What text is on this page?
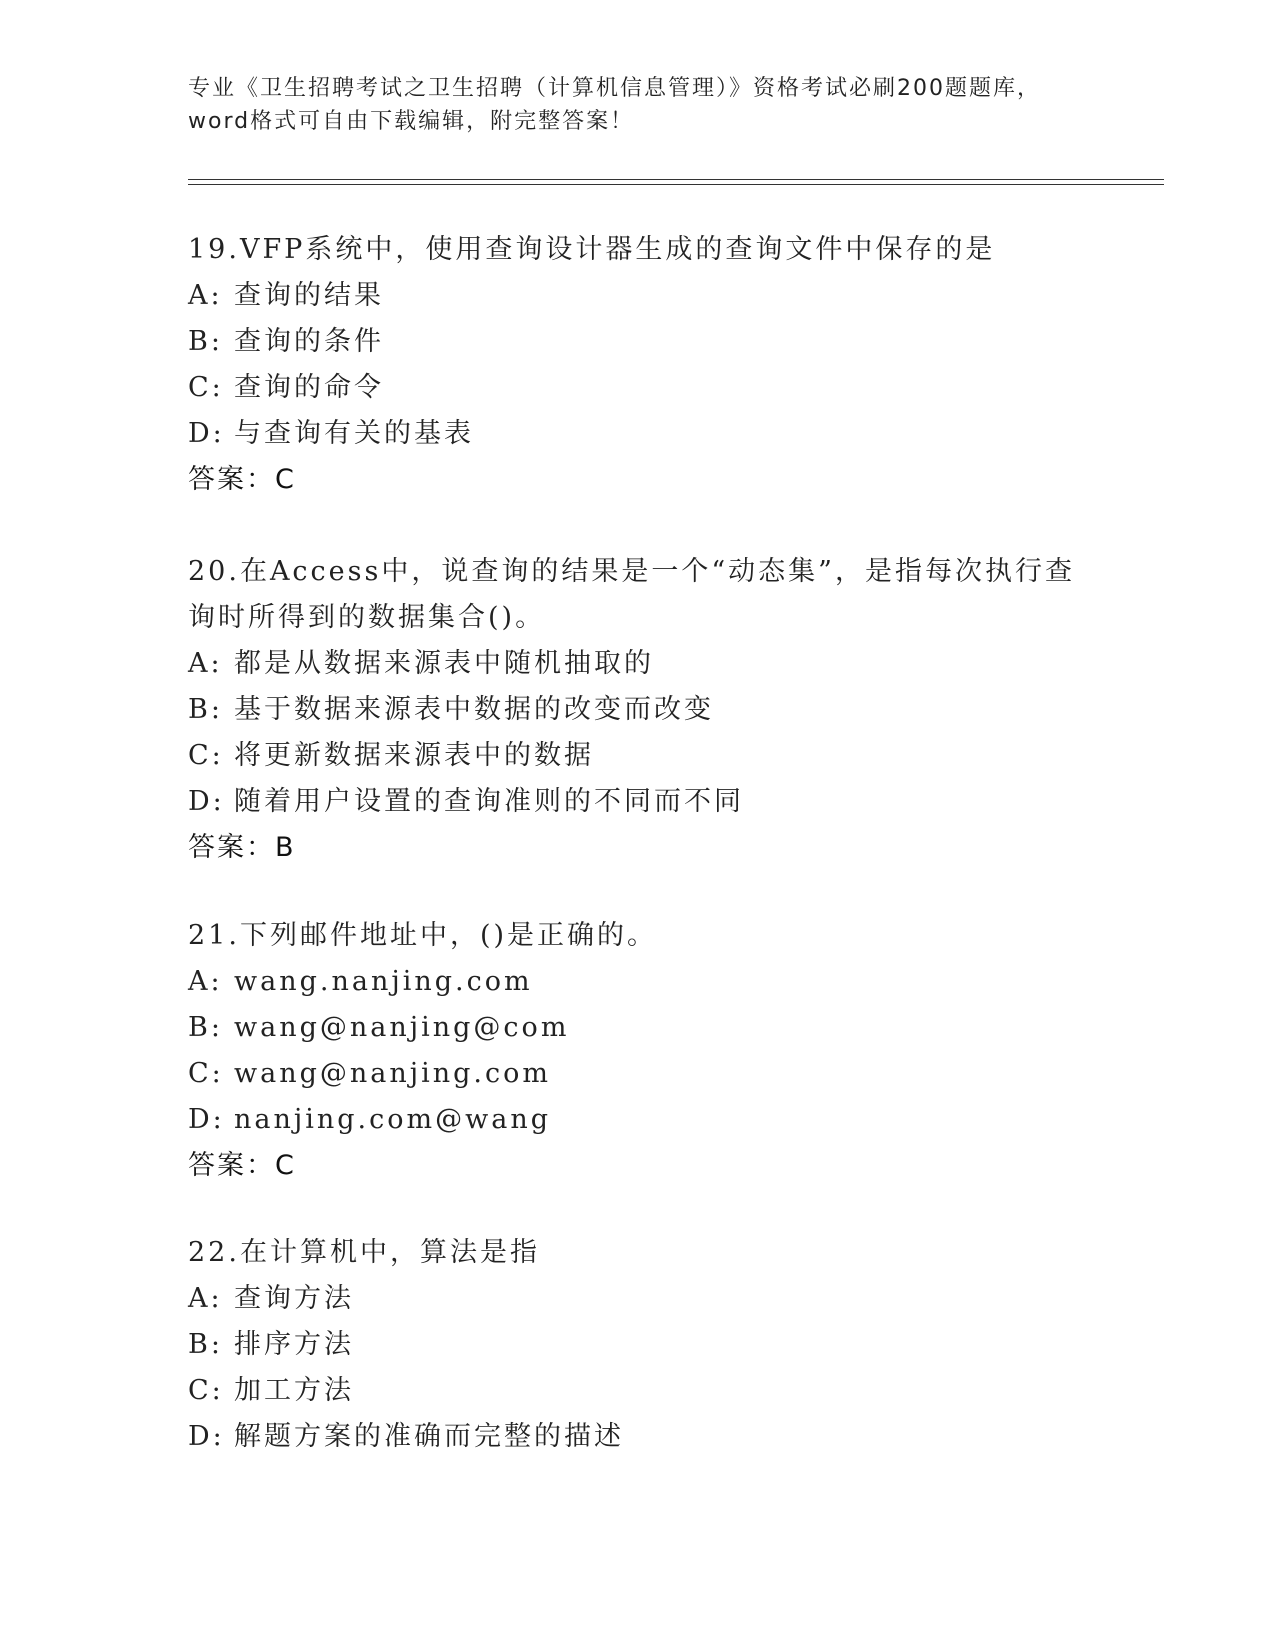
专业《卫生招聘考试之卫生招聘（计算机信息管理）》资格考试必刷200题题库，
word格式可自由下载编辑，附完整答案！
19.VFP系统中，使用查询设计器生成的查询文件中保存的是
A: 查询的结果
B: 查询的条件
C: 查询的命令
D: 与查询有关的基表
答案：C
20.在Access中，说查询的结果是一个“动态集”，是指每次执行查
询时所得到的数据集合()。
A: 都是从数据来源表中随机抽取的
B: 基于数据来源表中数据的改变而改变
C: 将更新数据来源表中的数据
D: 随着用户设置的查询准则的不同而不同
答案：B
21.下列邮件地址中，()是正确的。
A: wang.nanjing.com
B: wang@nanjing@com
C: wang@nanjing.com
D: nanjing.com@wang
答案：C
22.在计算机中，算法是指
A: 查询方法
B: 排序方法
C: 加工方法
D: 解题方案的准确而完整的描述
